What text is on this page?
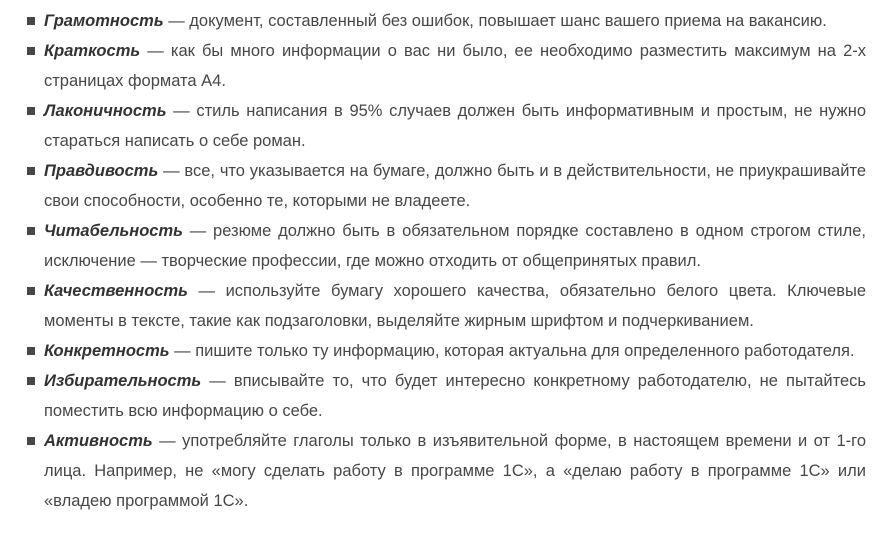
Грамотность — документ, составленный без ошибок, повышает шанс вашего приема на вакансию.
Краткость — как бы много информации о вас ни было, ее необходимо разместить максимум на 2-х страницах формата А4.
Лаконичность — стиль написания в 95% случаев должен быть информативным и простым, не нужно стараться написать о себе роман.
Правдивость — все, что указывается на бумаге, должно быть и в действительности, не приукрашивайте свои способности, особенно те, которыми не владеете.
Читабельность — резюме должно быть в обязательном порядке составлено в одном строгом стиле, исключение — творческие профессии, где можно отходить от общепринятых правил.
Качественность — используйте бумагу хорошего качества, обязательно белого цвета. Ключевые моменты в тексте, такие как подзаголовки, выделяйте жирным шрифтом и подчеркиванием.
Конкретность — пишите только ту информацию, которая актуальна для определенного работодателя.
Избирательность — вписывайте то, что будет интересно конкретному работодателю, не пытайтесь поместить всю информацию о себе.
Активность — употребляйте глаголы только в изъявительной форме, в настоящем времени и от 1-го лица. Например, не «могу сделать работу в программе 1С», а «делаю работу в программе 1С» или «владею программой 1С».
